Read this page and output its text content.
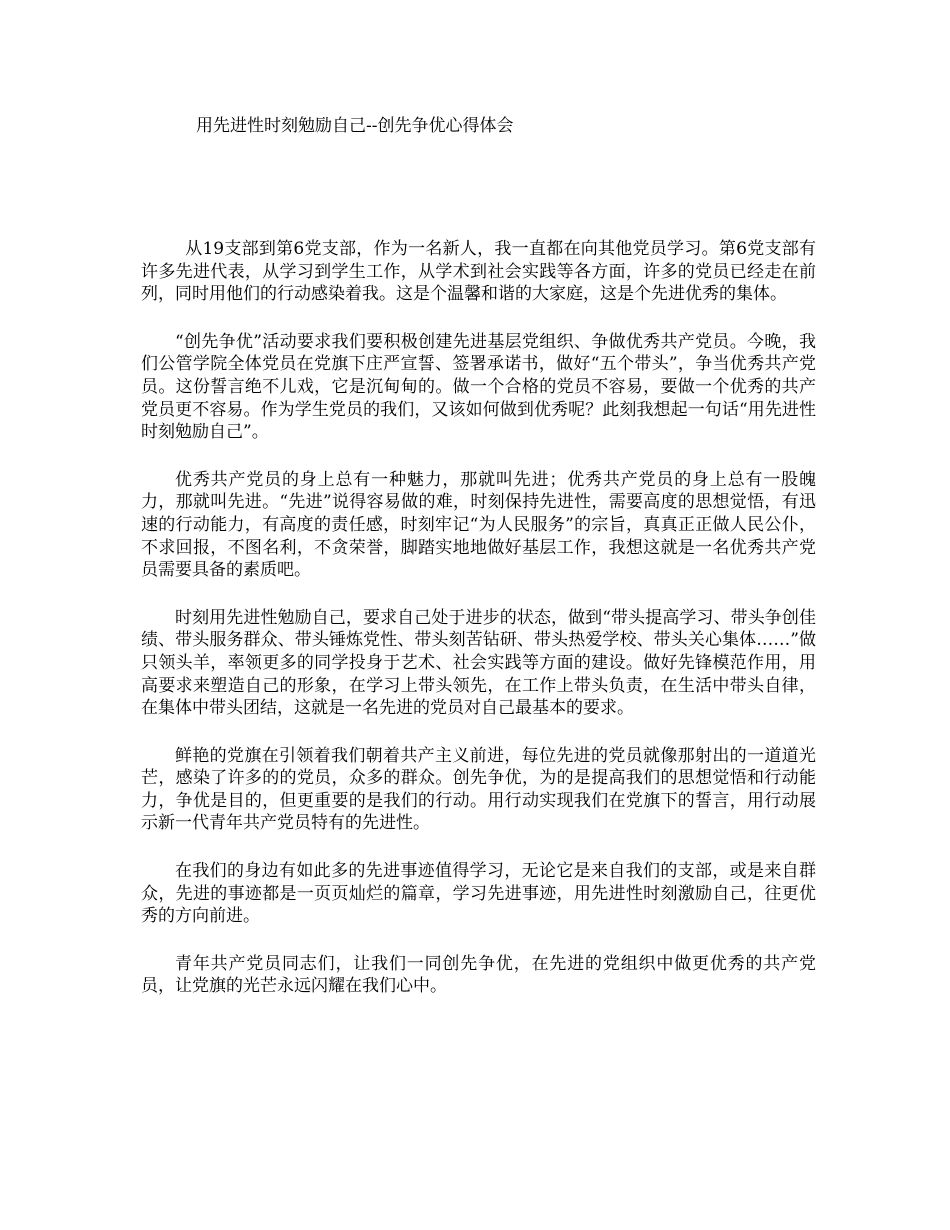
用先进性时刻勉励自己--创先争优心得体会

从19支部到第6党支部，作为一名新人，我一直都在向其他党员学习。第6党支部有许多先进代表，从学习到学生工作，从学术到社会实践等各方面，许多的党员已经走在前列，同时用他们的行动感染着我。这是个温馨和谐的大家庭，这是个先进优秀的集体。

“创先争优”活动要求我们要积极创建先进基层党组织、争做优秀共产党员。今晚，我们公管学院全体党员在党旗下庄严宣誓、签署承诺书，做好“五个带头”，争当优秀共产党员。这份誓言绝不儿戏，它是沉甸甸的。做一个合格的党员不容易，要做一个优秀的共产党员更不容易。作为学生党员的我们，又该如何做到优秀呢？此刻我想起一句话“用先进性时刻勉励自己”。

优秀共产党员的身上总有一种魅力，那就叫先进；优秀共产党员的身上总有一股魄力，那就叫先进。“先进”说得容易做的难，时刻保持先进性，需要高度的思想觉悟，有迅速的行动能力，有高度的责任感，时刻牢记“为人民服务”的宗旨，真真正正做人民公仆，不求回报，不图名利，不贪荣誉，脚踏实地地做好基层工作，我想这就是一名优秀共产党员需要具备的素质吧。

时刻用先进性勉励自己，要求自己处于进步的状态，做到“带头提高学习、带头争创佳绩、带头服务群众、带头锤炼党性、带头刻苦钻研、带头热爱学校、带头关心集体……”做只领头羊，率领更多的同学投身于艺术、社会实践等方面的建设。做好先锋模范作用，用高要求来塑造自己的形象，在学习上带头领先，在工作上带头负责，在生活中带头自律，在集体中带头团结，这就是一名先进的党员对自己最基本的要求。

鲜艳的党旗在引领着我们朝着共产主义前进，每位先进的党员就像那射出的一道道光芒，感染了许多的的党员，众多的群众。创先争优，为的是提高我们的思想觉悟和行动能力，争优是目的，但更重要的是我们的行动。用行动实现我们在党旗下的誓言，用行动展示新一代青年共产党员特有的先进性。

在我们的身边有如此多的先进事迹值得学习，无论它是来自我们的支部，或是来自群众，先进的事迹都是一页页灿烂的篇章，学习先进事迹，用先进性时刻激励自己，往更优秀的方向前进。

青年共产党员同志们，让我们一同创先争优，在先进的党组织中做更优秀的共产党员，让党旗的光芒永远闪耀在我们心中。
